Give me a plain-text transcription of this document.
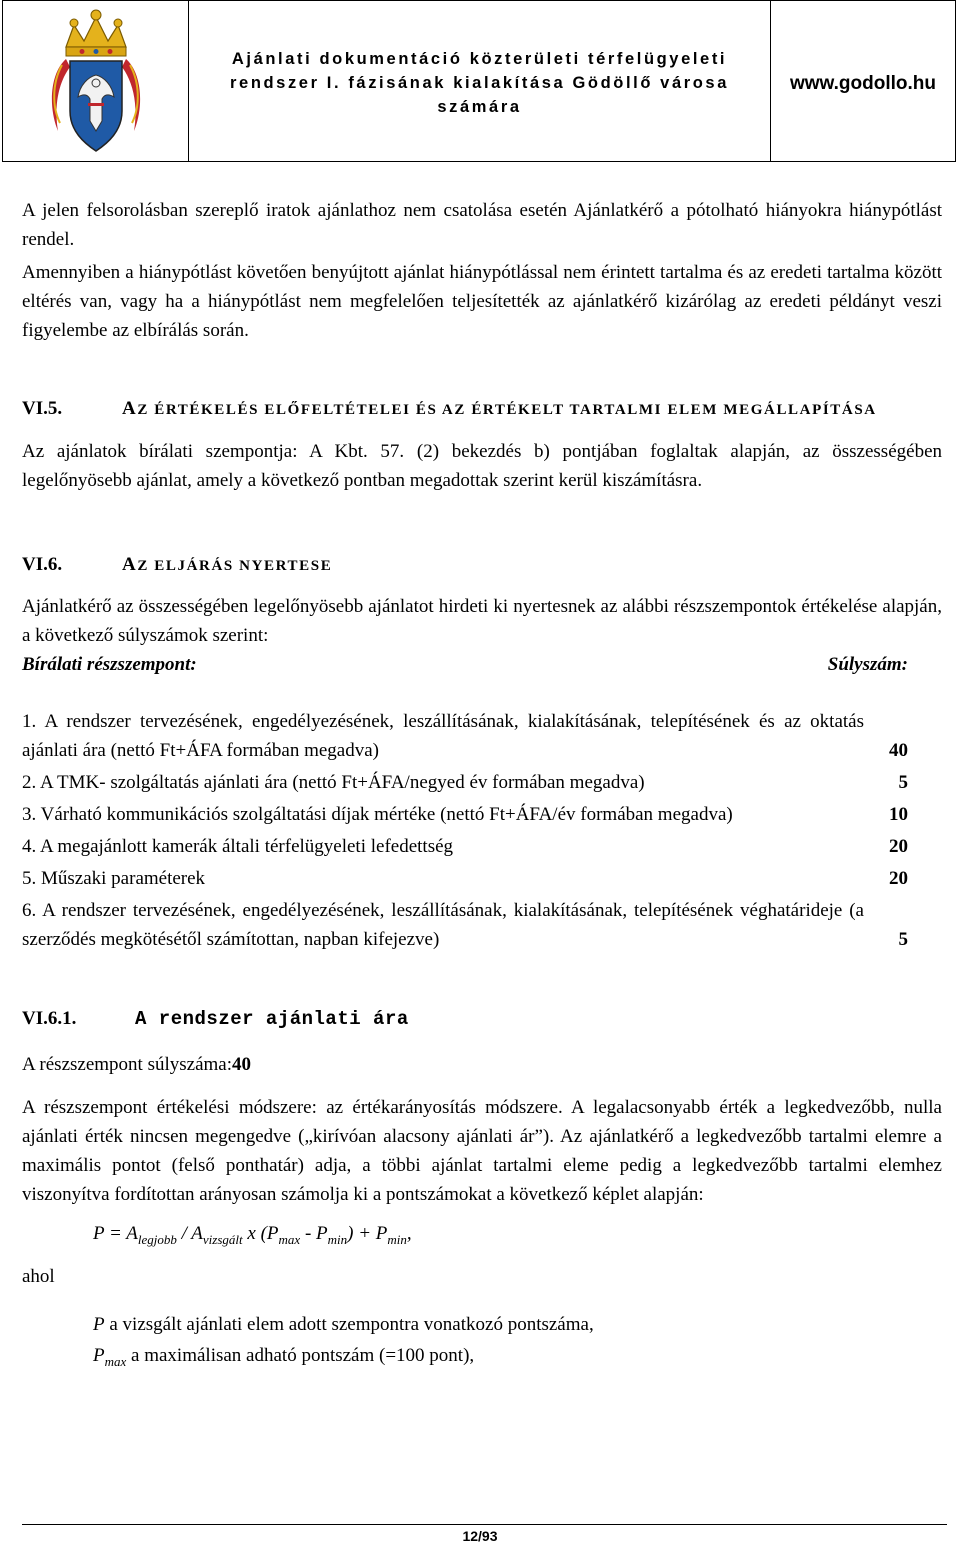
Ajánlati dokumentáció közterületi térfelügyeleti rendszer I. fázisának kialakítása Gödöllő városa számára
www.godollo.hu

A jelen felsorolásban szereplő iratok ajánlathoz nem csatolása esetén Ajánlatkérő a pótolható hiányokra hiánypótlást rendel.

Amennyiben a hiánypótlást követően benyújtott ajánlat hiánypótlással nem érintett tartalma és az eredeti tartalma között eltérés van, vagy ha a hiánypótlást nem megfelelően teljesítették az ajánlatkérő kizárólag az eredeti példányt veszi figyelembe az elbírálás során.

VI.5.	AZ ÉRTÉKELÉS ELŐFELTÉTELEI ÉS AZ ÉRTÉKELT TARTALMI ELEM MEGÁLLAPÍTÁSA

Az ajánlatok bírálati szempontja: A Kbt. 57. (2) bekezdés b) pontjában foglaltak alapján, az összességében legelőnyösebb ajánlat, amely a következő pontban megadottak szerint kerül kiszámításra.

VI.6.	AZ ELJÁRÁS NYERTESE

Ajánlatkérő az összességében legelőnyösebb ajánlatot hirdeti ki nyertesnek az alábbi részszempontok értékelése alapján, a következő súlyszámok szerint:

Bírálati részszempont:	Súlyszám:
1. A rendszer tervezésének, engedélyezésének, leszállításának, kialakításának, telepítésének és az oktatás ajánlati ára (nettó Ft+ÁFA formában megadva)	40
2. A TMK- szolgáltatás ajánlati ára (nettó Ft+ÁFA/negyed év formában megadva)	5
3. Várható kommunikációs szolgáltatási díjak mértéke (nettó Ft+ÁFA/év formában megadva)	10
4. A megajánlott kamerák általi térfelügyeleti lefedettség	20
5. Műszaki paraméterek	20
6. A rendszer tervezésének, engedélyezésének, leszállításának, kialakításának, telepítésének véghatáridеje (a szerződés megkötésétől számítottan, napban kifejezve)	5
VI.6.1.	A rendszer ajánlati ára

A részszempont súlyszáma:40

A részszempont értékelési módszere: az értékarányosítás módszere. A legalacsonyabb érték a legkedvezőbb, nulla ajánlati érték nincsen megengedve („kirívóan alacsony ajánlati ár”). Az ajánlatkérő a legkedvezőbb tartalmi elemre a maximális pontot (felső ponthatár) adja, a többi ajánlat tartalmi eleme pedig a legkedvezőbb tartalmi elemhez viszonyítva fordítottan arányosan számolja ki a pontszámokat a következő képlet alapján:

$P = A_{legjobb} / A_{vizsgált}$ x $(P_{max} - P_{min}) + P_{min}$,

ahol

P a vizsgált ajánlati elem adott szempontra vonatkozó pontszáma,
$P_{max}$ a maximálisan adható pontszám (=100 pont),
12/93
